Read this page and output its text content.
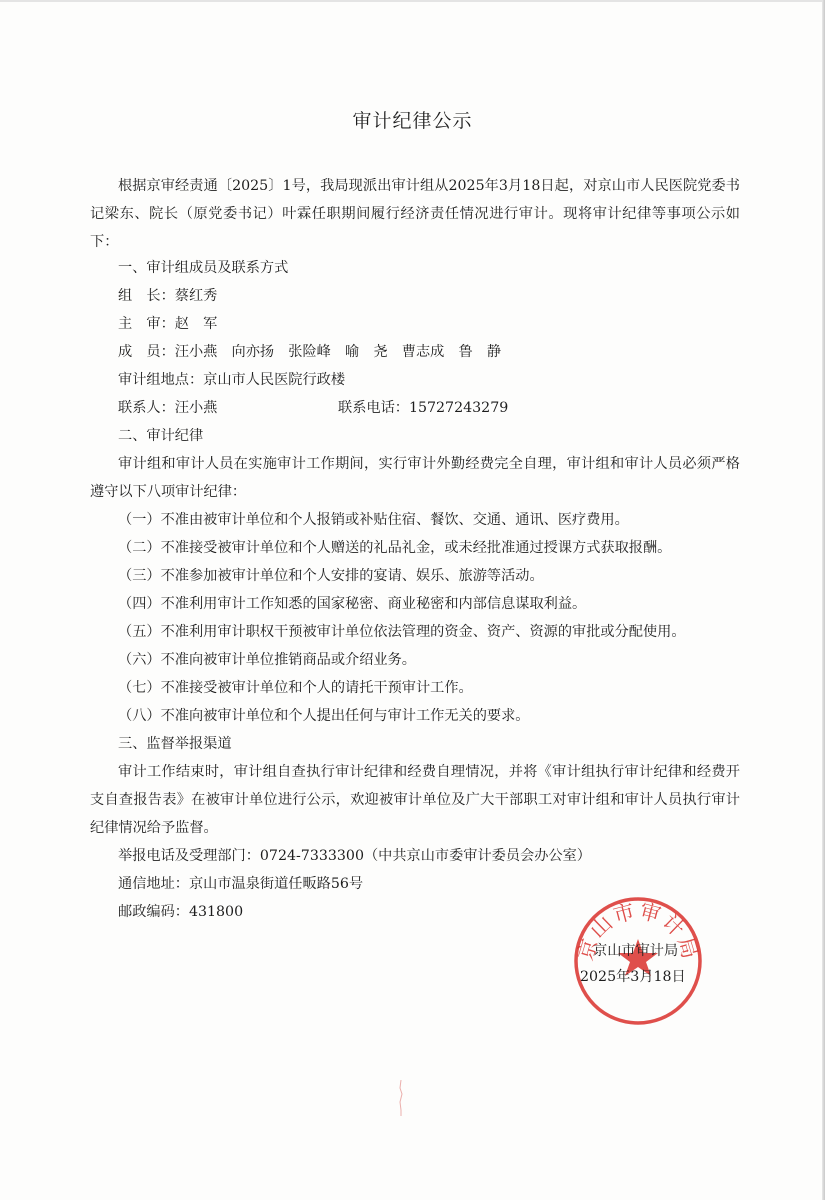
审计纪律公示
根据京审经责通〔2025〕1号，我局现派出审计组从2025年3月18日起，对京山市人民医院党委书记梁东、院长（原党委书记）叶霖任职期间履行经济责任情况进行审计。现将审计纪律等事项公示如下：
一、审计组成员及联系方式
组　长：蔡红秀
主　审：赵　军
成　员：汪小燕　向亦扬　张险峰　喻　尧　曹志成　鲁　静
审计组地点：京山市人民医院行政楼
联系人：汪小燕	联系电话：15727243279
二、审计纪律
审计组和审计人员在实施审计工作期间，实行审计外勤经费完全自理，审计组和审计人员必须严格遵守以下八项审计纪律：
（一）不准由被审计单位和个人报销或补贴住宿、餐饮、交通、通讯、医疗费用。
（二）不准接受被审计单位和个人赠送的礼品礼金，或未经批准通过授课方式获取报酬。
（三）不准参加被审计单位和个人安排的宴请、娱乐、旅游等活动。
（四）不准利用审计工作知悉的国家秘密、商业秘密和内部信息谋取利益。
（五）不准利用审计职权干预被审计单位依法管理的资金、资产、资源的审批或分配使用。
（六）不准向被审计单位推销商品或介绍业务。
（七）不准接受被审计单位和个人的请托干预审计工作。
（八）不准向被审计单位和个人提出任何与审计工作无关的要求。
三、监督举报渠道
审计工作结束时，审计组自查执行审计纪律和经费自理情况，并将《审计组执行审计纪律和经费开支自查报告表》在被审计单位进行公示，欢迎被审计单位及广大干部职工对审计组和审计人员执行审计纪律情况给予监督。
举报电话及受理部门：0724-7333300（中共京山市委审计委员会办公室）
通信地址：京山市温泉街道任畈路56号
邮政编码：431800
京山市审计局
京山市审计局
2025年3月18日
